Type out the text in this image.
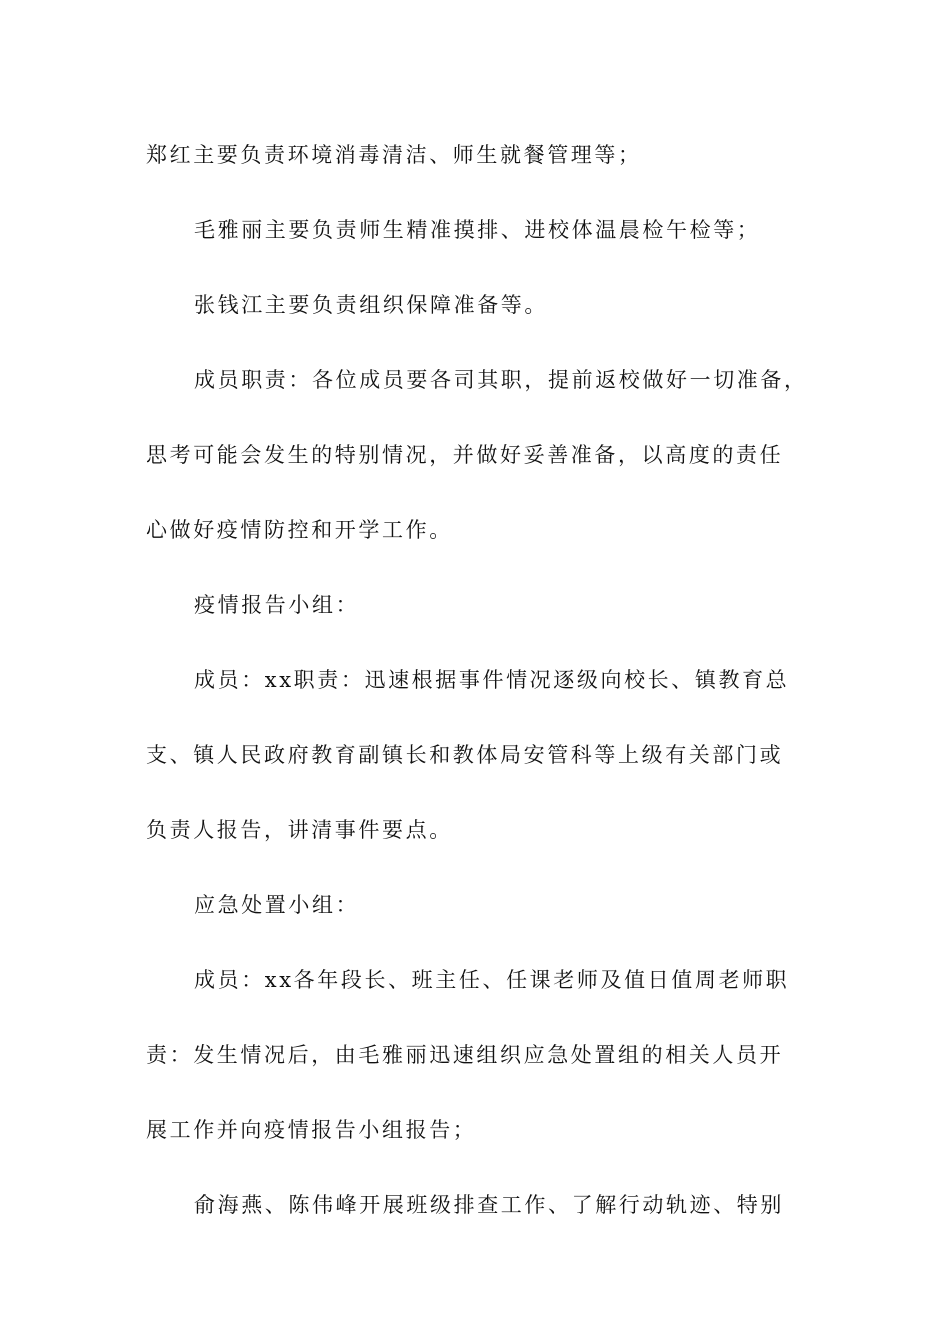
郑红主要负责环境消毒清洁、师生就餐管理等；
毛雅丽主要负责师生精准摸排、进校体温晨检午检等；
张钱江主要负责组织保障准备等。
成员职责：各位成员要各司其职，提前返校做好一切准备，
思考可能会发生的特别情况，并做好妥善准备，以高度的责任
心做好疫情防控和开学工作。
疫情报告小组：
成员：xx职责：迅速根据事件情况逐级向校长、镇教育总
支、镇人民政府教育副镇长和教体局安管科等上级有关部门或
负责人报告，讲清事件要点。
应急处置小组：
成员：xx各年段长、班主任、任课老师及值日值周老师职
责：发生情况后，由毛雅丽迅速组织应急处置组的相关人员开
展工作并向疫情报告小组报告；
俞海燕、陈伟峰开展班级排查工作、了解行动轨迹、特别
